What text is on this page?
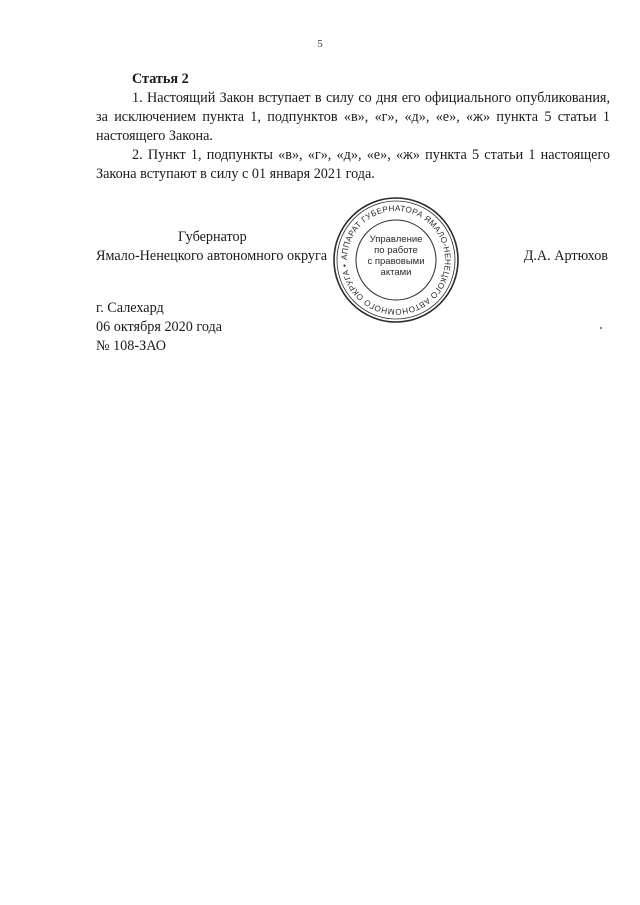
5
Статья 2

1. Настоящий Закон вступает в силу со дня его официального опубликования, за исключением пункта 1, подпунктов «в», «г», «д», «е», «ж» пункта 5 статьи 1 настоящего Закона.

2. Пункт 1, подпункты «в», «г», «д», «е», «ж» пункта 5 статьи 1 настоящего Закона вступают в силу с 01 января 2021 года.

Губернатор
Ямало-Ненецкого автономного округа	Д.А. Артюхов
АППАРАТ ГУБЕРНАТОРА ЯМАЛО-НЕНЕЦКОГО АВТОНОМНОГО ОКРУГА •
Управление
по работе
с правовыми
актами
г. Салехард
06 октября 2020 года
№ 108-ЗАО
